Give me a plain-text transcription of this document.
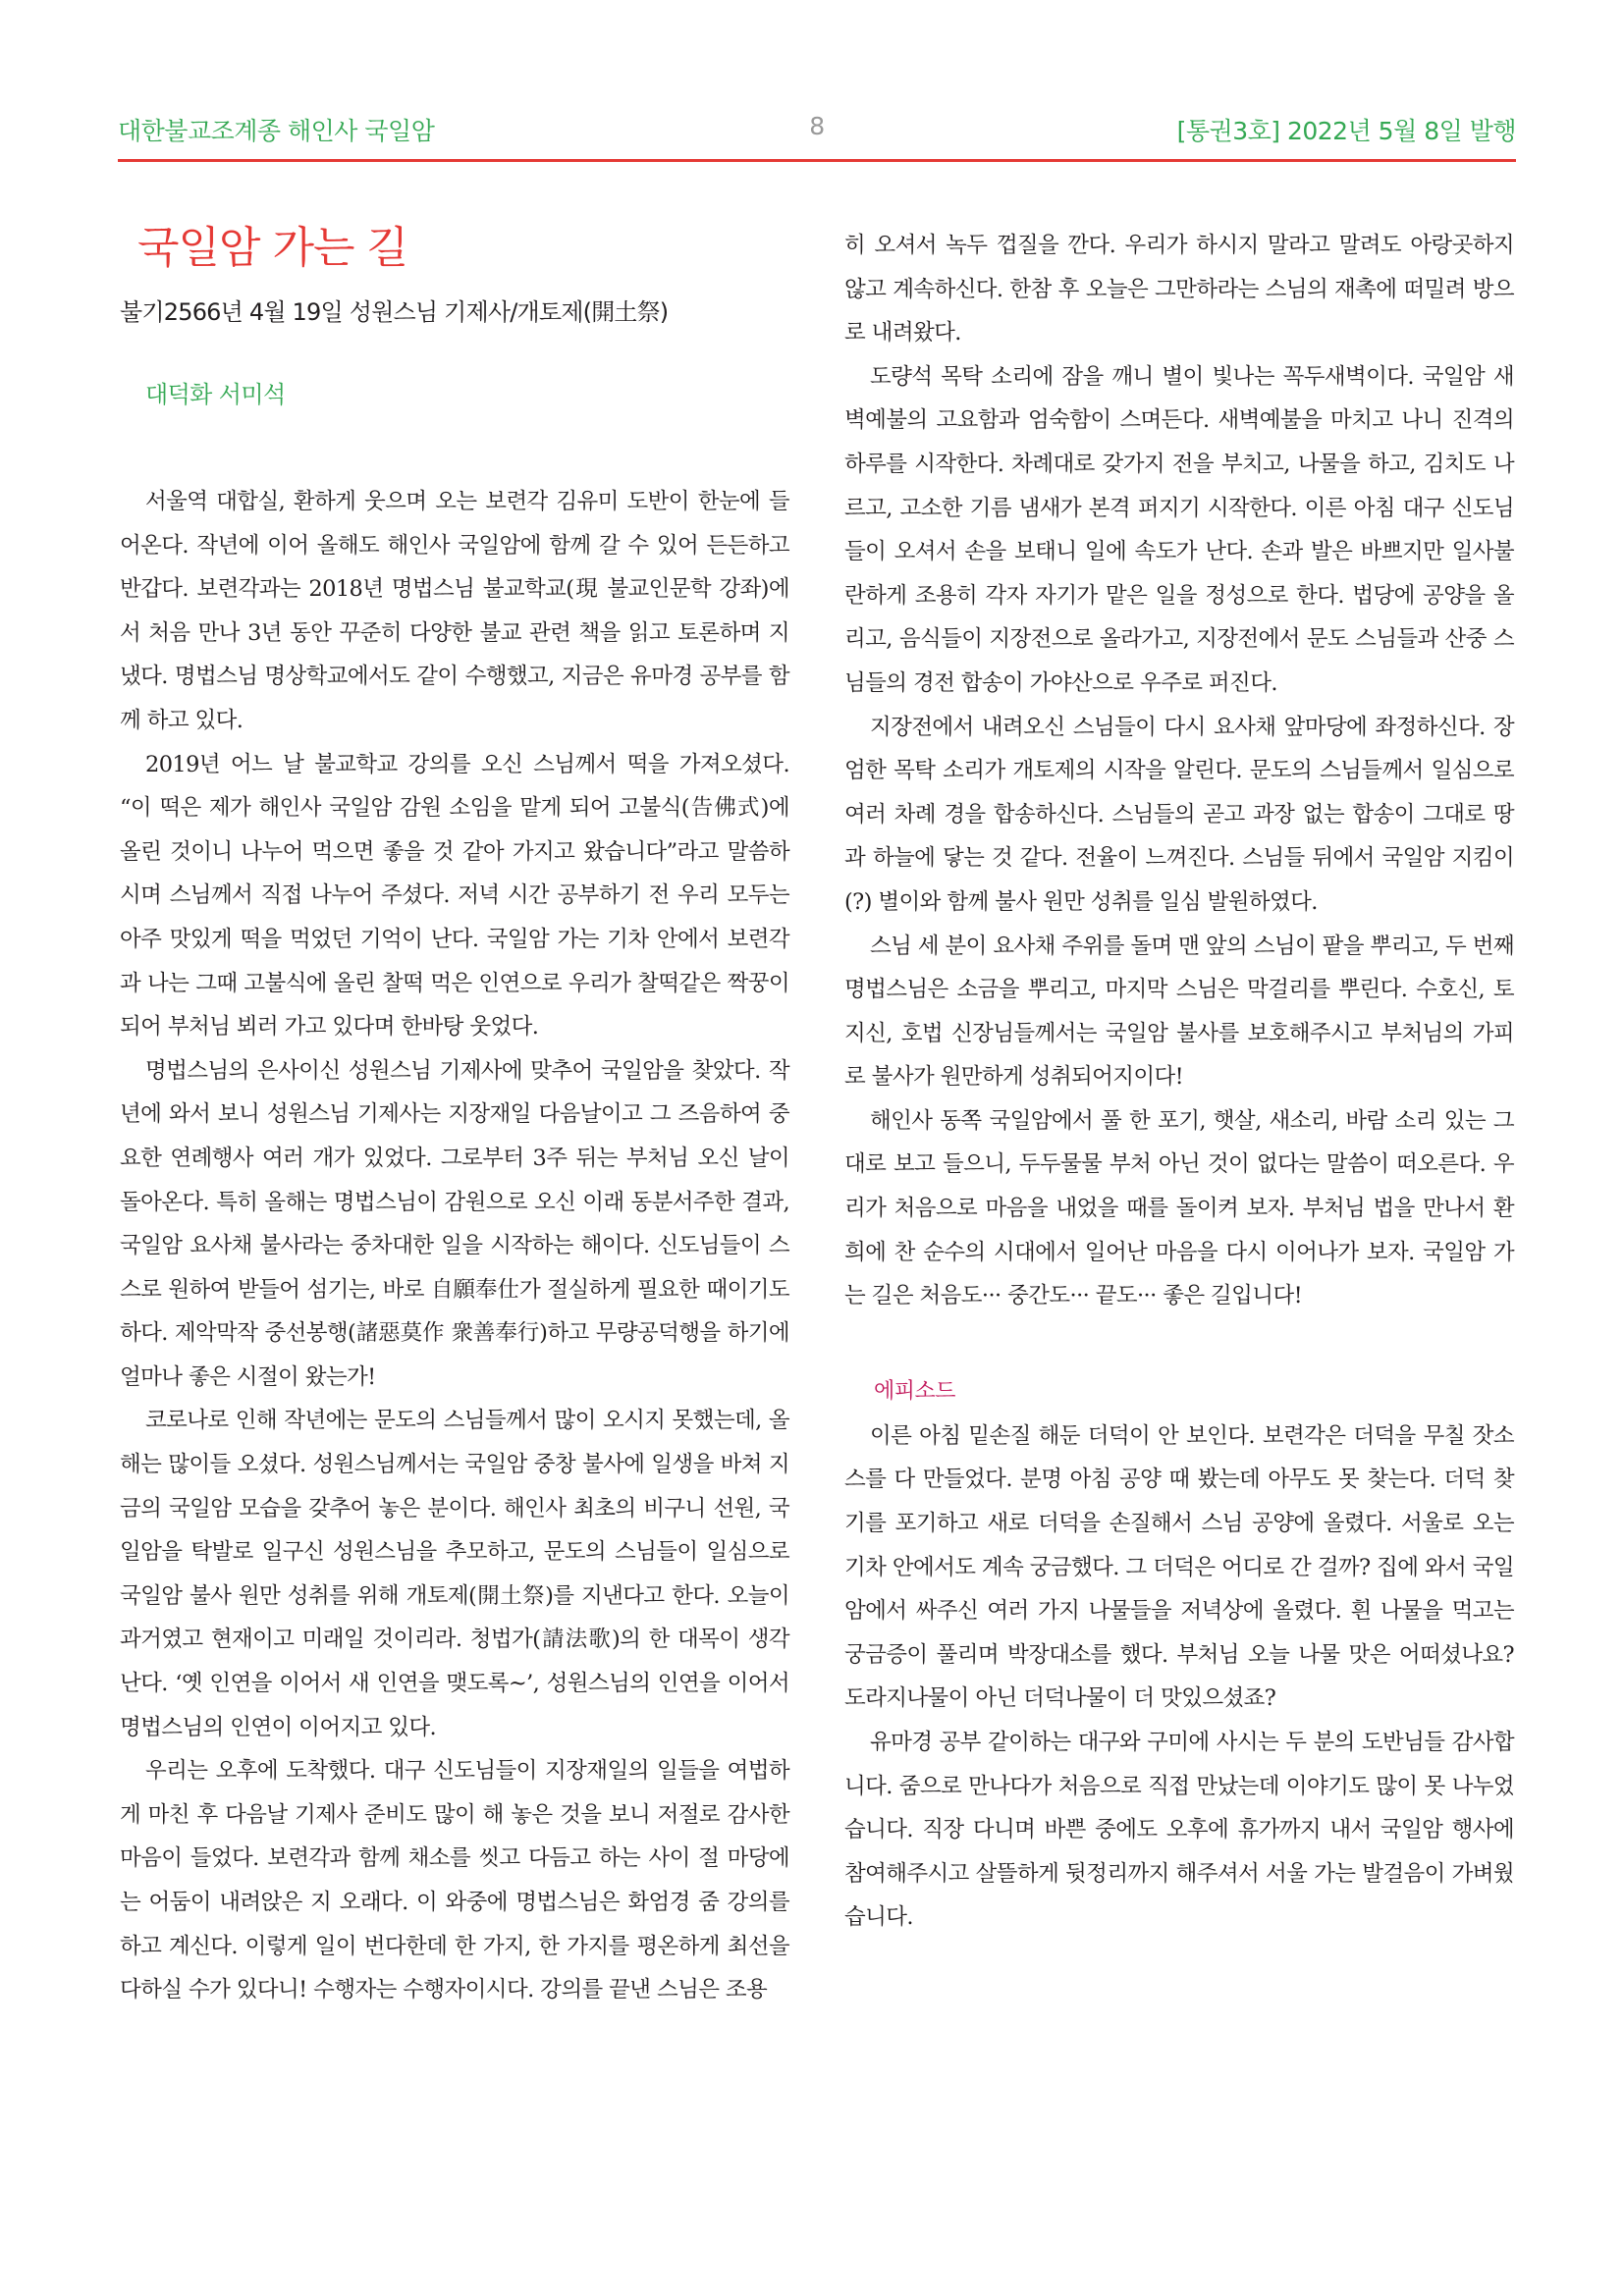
대한불교조계종 해인사 국일암	8	[통권3호] 2022년 5월 8일 발행
국일암 가는 길
불기2566년 4월 19일 성원스님 기제사/개토제(開土祭)
대덕화 서미석

서울역 대합실, 환하게 웃으며 오는 보련각 김유미 도반이 한눈에 들어온다. 작년에 이어 올해도 해인사 국일암에 함께 갈 수 있어 든든하고 반갑다. 보련각과는 2018년 명법스님 불교학교(現 불교인문학 강좌)에서 처음 만나 3년 동안 꾸준히 다양한 불교 관련 책을 읽고 토론하며 지냈다. 명법스님 명상학교에서도 같이 수행했고, 지금은 유마경 공부를 함께 하고 있다.

2019년 어느 날 불교학교 강의를 오신 스님께서 떡을 가져오셨다. “이 떡은 제가 해인사 국일암 감원 소임을 맡게 되어 고불식(告佛式)에 올린 것이니 나누어 먹으면 좋을 것 같아 가지고 왔습니다”라고 말씀하시며 스님께서 직접 나누어 주셨다. 저녁 시간 공부하기 전 우리 모두는 아주 맛있게 떡을 먹었던 기억이 난다. 국일암 가는 기차 안에서 보련각과 나는 그때 고불식에 올린 찰떡 먹은 인연으로 우리가 찰떡같은 짝꿍이 되어 부처님 뵈러 가고 있다며 한바탕 웃었다.

명법스님의 은사이신 성원스님 기제사에 맞추어 국일암을 찾았다. 작년에 와서 보니 성원스님 기제사는 지장재일 다음날이고 그 즈음하여 중요한 연례행사 여러 개가 있었다. 그로부터 3주 뒤는 부처님 오신 날이 돌아온다. 특히 올해는 명법스님이 감원으로 오신 이래 동분서주한 결과, 국일암 요사채 불사라는 중차대한 일을 시작하는 해이다. 신도님들이 스스로 원하여 받들어 섬기는, 바로 自願奉仕가 절실하게 필요한 때이기도 하다. 제악막작 중선봉행(諸惡莫作 衆善奉行)하고 무량공덕행을 하기에 얼마나 좋은 시절이 왔는가!

코로나로 인해 작년에는 문도의 스님들께서 많이 오시지 못했는데, 올해는 많이들 오셨다. 성원스님께서는 국일암 중창 불사에 일생을 바쳐 지금의 국일암 모습을 갖추어 놓은 분이다. 해인사 최초의 비구니 선원, 국일암을 탁발로 일구신 성원스님을 추모하고, 문도의 스님들이 일심으로 국일암 불사 원만 성취를 위해 개토제(開土祭)를 지낸다고 한다. 오늘이 과거였고 현재이고 미래일 것이리라. 청법가(請法歌)의 한 대목이 생각난다. ‘옛 인연을 이어서 새 인연을 맺도록~’, 성원스님의 인연을 이어서 명법스님의 인연이 이어지고 있다.

우리는 오후에 도착했다. 대구 신도님들이 지장재일의 일들을 여법하게 마친 후 다음날 기제사 준비도 많이 해 놓은 것을 보니 저절로 감사한 마음이 들었다. 보련각과 함께 채소를 씻고 다듬고 하는 사이 절 마당에는 어둠이 내려앉은 지 오래다. 이 와중에 명법스님은 화엄경 줌 강의를 하고 계신다. 이렇게 일이 번다한데 한 가지, 한 가지를 평온하게 최선을 다하실 수가 있다니! 수행자는 수행자이시다. 강의를 끝낸 스님은 조용

히 오셔서 녹두 껍질을 깐다. 우리가 하시지 말라고 말려도 아랑곳하지 않고 계속하신다. 한참 후 오늘은 그만하라는 스님의 재촉에 떠밀려 방으로 내려왔다.

도량석 목탁 소리에 잠을 깨니 별이 빛나는 꼭두새벽이다. 국일암 새벽예불의 고요함과 엄숙함이 스며든다. 새벽예불을 마치고 나니 진격의 하루를 시작한다. 차례대로 갖가지 전을 부치고, 나물을 하고, 김치도 나르고, 고소한 기름 냄새가 본격 퍼지기 시작한다. 이른 아침 대구 신도님들이 오셔서 손을 보태니 일에 속도가 난다. 손과 발은 바쁘지만 일사불란하게 조용히 각자 자기가 맡은 일을 정성으로 한다. 법당에 공양을 올리고, 음식들이 지장전으로 올라가고, 지장전에서 문도 스님들과 산중 스님들의 경전 합송이 가야산으로 우주로 퍼진다.

지장전에서 내려오신 스님들이 다시 요사채 앞마당에 좌정하신다. 장엄한 목탁 소리가 개토제의 시작을 알린다. 문도의 스님들께서 일심으로 여러 차례 경을 합송하신다. 스님들의 곧고 과장 없는 합송이 그대로 땅과 하늘에 닿는 것 같다. 전율이 느껴진다. 스님들 뒤에서 국일암 지킴이(?) 별이와 함께 불사 원만 성취를 일심 발원하였다.

스님 세 분이 요사채 주위를 돌며 맨 앞의 스님이 팥을 뿌리고, 두 번째 명법스님은 소금을 뿌리고, 마지막 스님은 막걸리를 뿌린다. 수호신, 토지신, 호법 신장님들께서는 국일암 불사를 보호해주시고 부처님의 가피로 불사가 원만하게 성취되어지이다!

해인사 동쪽 국일암에서 풀 한 포기, 햇살, 새소리, 바람 소리 있는 그대로 보고 들으니, 두두물물 부처 아닌 것이 없다는 말씀이 떠오른다. 우리가 처음으로 마음을 내었을 때를 돌이켜 보자. 부처님 법을 만나서 환희에 찬 순수의 시대에서 일어난 마음을 다시 이어나가 보자. 국일암 가는 길은 처음도··· 중간도··· 끝도··· 좋은 길입니다!

에피소드

이른 아침 밑손질 해둔 더덕이 안 보인다. 보련각은 더덕을 무칠 잣소스를 다 만들었다. 분명 아침 공양 때 봤는데 아무도 못 찾는다. 더덕 찾기를 포기하고 새로 더덕을 손질해서 스님 공양에 올렸다. 서울로 오는 기차 안에서도 계속 궁금했다. 그 더덕은 어디로 간 걸까? 집에 와서 국일암에서 싸주신 여러 가지 나물들을 저녁상에 올렸다. 흰 나물을 먹고는 궁금증이 풀리며 박장대소를 했다. 부처님 오늘 나물 맛은 어떠셨나요? 도라지나물이 아닌 더덕나물이 더 맛있으셨죠?

유마경 공부 같이하는 대구와 구미에 사시는 두 분의 도반님들 감사합니다. 줌으로 만나다가 처음으로 직접 만났는데 이야기도 많이 못 나누었습니다. 직장 다니며 바쁜 중에도 오후에 휴가까지 내서 국일암 행사에 참여해주시고 살뜰하게 뒷정리까지 해주셔서 서울 가는 발걸음이 가벼웠습니다.
